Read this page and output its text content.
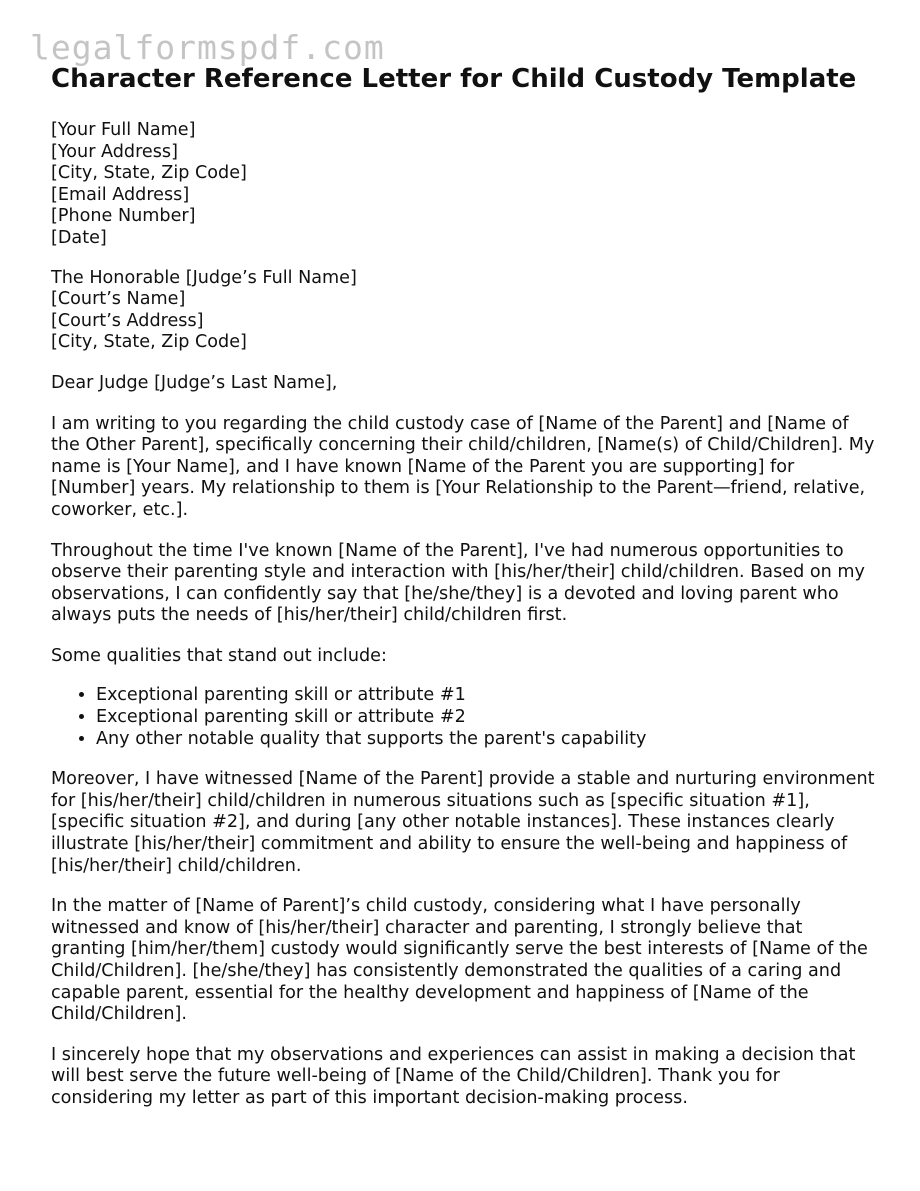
legalformspdf.com
Character Reference Letter for Child Custody Template
[Your Full Name]
[Your Address]
[City, State, Zip Code]
[Email Address]
[Phone Number]
[Date]
The Honorable [Judge’s Full Name]
[Court’s Name]
[Court’s Address]
[City, State, Zip Code]

Dear Judge [Judge’s Last Name],

I am writing to you regarding the child custody case of [Name of the Parent] and [Name of the Other Parent], specifically concerning their child/children, [Name(s) of Child/Children]. My name is [Your Name], and I have known [Name of the Parent you are supporting] for [Number] years. My relationship to them is [Your Relationship to the Parent—friend, relative, coworker, etc.].

Throughout the time I've known [Name of the Parent], I've had numerous opportunities to observe their parenting style and interaction with [his/her/their] child/children. Based on my observations, I can confidently say that [he/she/they] is a devoted and loving parent who always puts the needs of [his/her/their] child/children first.

Some qualities that stand out include:

• Exceptional parenting skill or attribute #1
• Exceptional parenting skill or attribute #2
• Any other notable quality that supports the parent's capability

Moreover, I have witnessed [Name of the Parent] provide a stable and nurturing environment for [his/her/their] child/children in numerous situations such as [specific situation #1], [specific situation #2], and during [any other notable instances]. These instances clearly illustrate [his/her/their] commitment and ability to ensure the well-being and happiness of [his/her/their] child/children.

In the matter of [Name of Parent]’s child custody, considering what I have personally witnessed and know of [his/her/their] character and parenting, I strongly believe that granting [him/her/them] custody would significantly serve the best interests of [Name of the Child/Children]. [he/she/they] has consistently demonstrated the qualities of a caring and capable parent, essential for the healthy development and happiness of [Name of the Child/Children].

I sincerely hope that my observations and experiences can assist in making a decision that will best serve the future well-being of [Name of the Child/Children]. Thank you for considering my letter as part of this important decision-making process.
